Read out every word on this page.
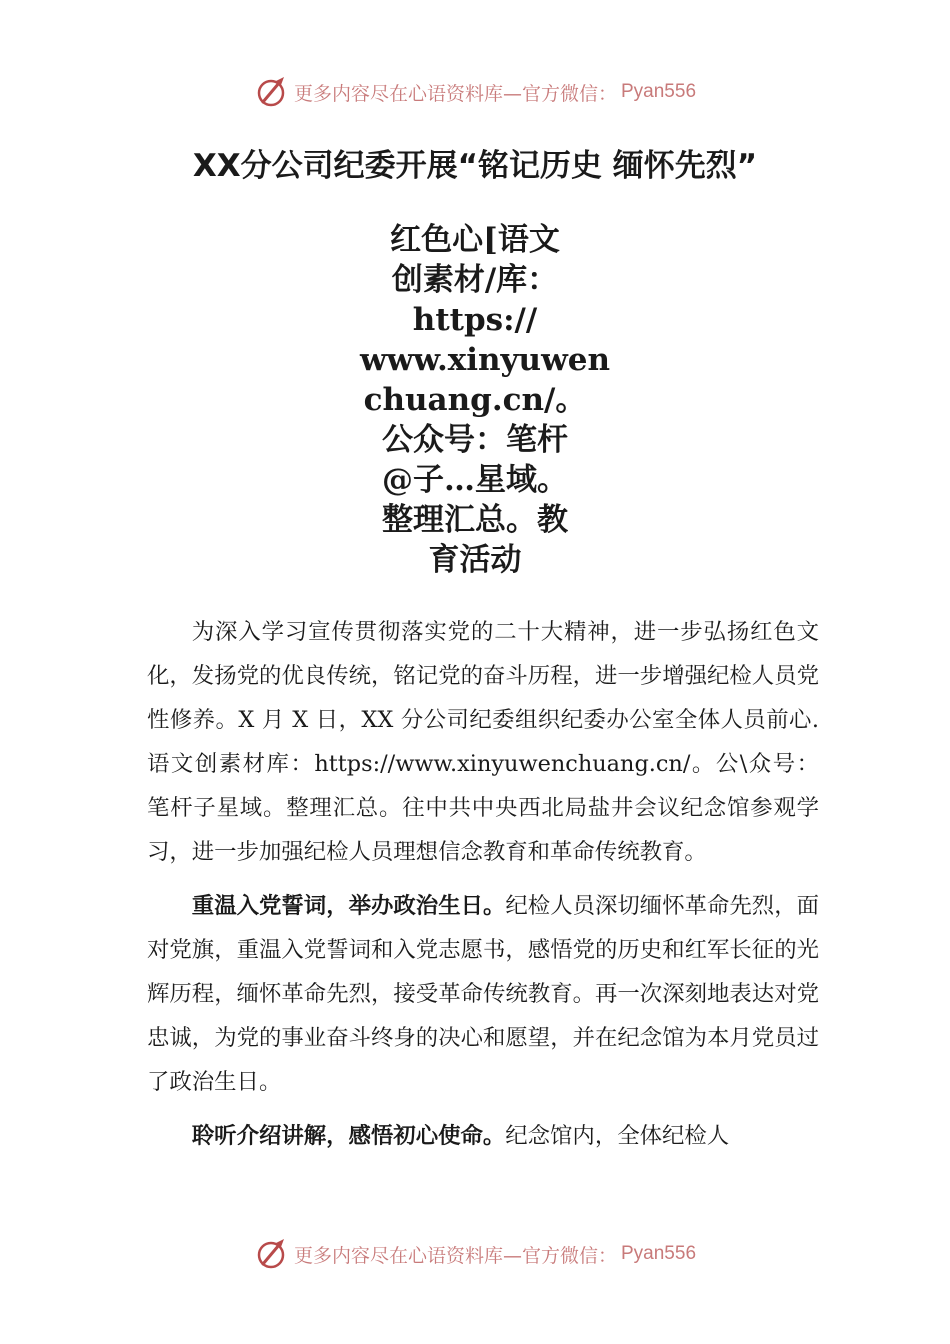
更多内容尽在心语资料库—官方微信： Pyan556
XX分公司纪委开展“铭记历史 缅怀先烈”
红色心[语文
创素材/库：
https://
www.xinyuwen
chuang.cn/。
公众号：笔杆
@子…星域。
整理汇总。教
育活动

为深入学习宣传贯彻落实党的二十大精神，进一步弘扬红色文化，发扬党的优良传统，铭记党的奋斗历程，进一步增强纪检人员党性修养。X 月 X 日，XX 分公司纪委组织纪委办公室全体人员前心.语文创素材库：https://www.xinyuwenchuang.cn/。公\众号：笔杆子星域。整理汇总。往中共中央西北局盐井会议纪念馆参观学习，进一步加强纪检人员理想信念教育和革命传统教育。

重温入党誓词，举办政治生日。纪检人员深切缅怀革命先烈，面对党旗，重温入党誓词和入党志愿书，感悟党的历史和红军长征的光辉历程，缅怀革命先烈，接受革命传统教育。再一次深刻地表达对党忠诚，为党的事业奋斗终身的决心和愿望，并在纪念馆为本月党员过了政治生日。

聆听介绍讲解，感悟初心使命。纪念馆内，全体纪检人

更多内容尽在心语资料库—官方微信： Pyan556
